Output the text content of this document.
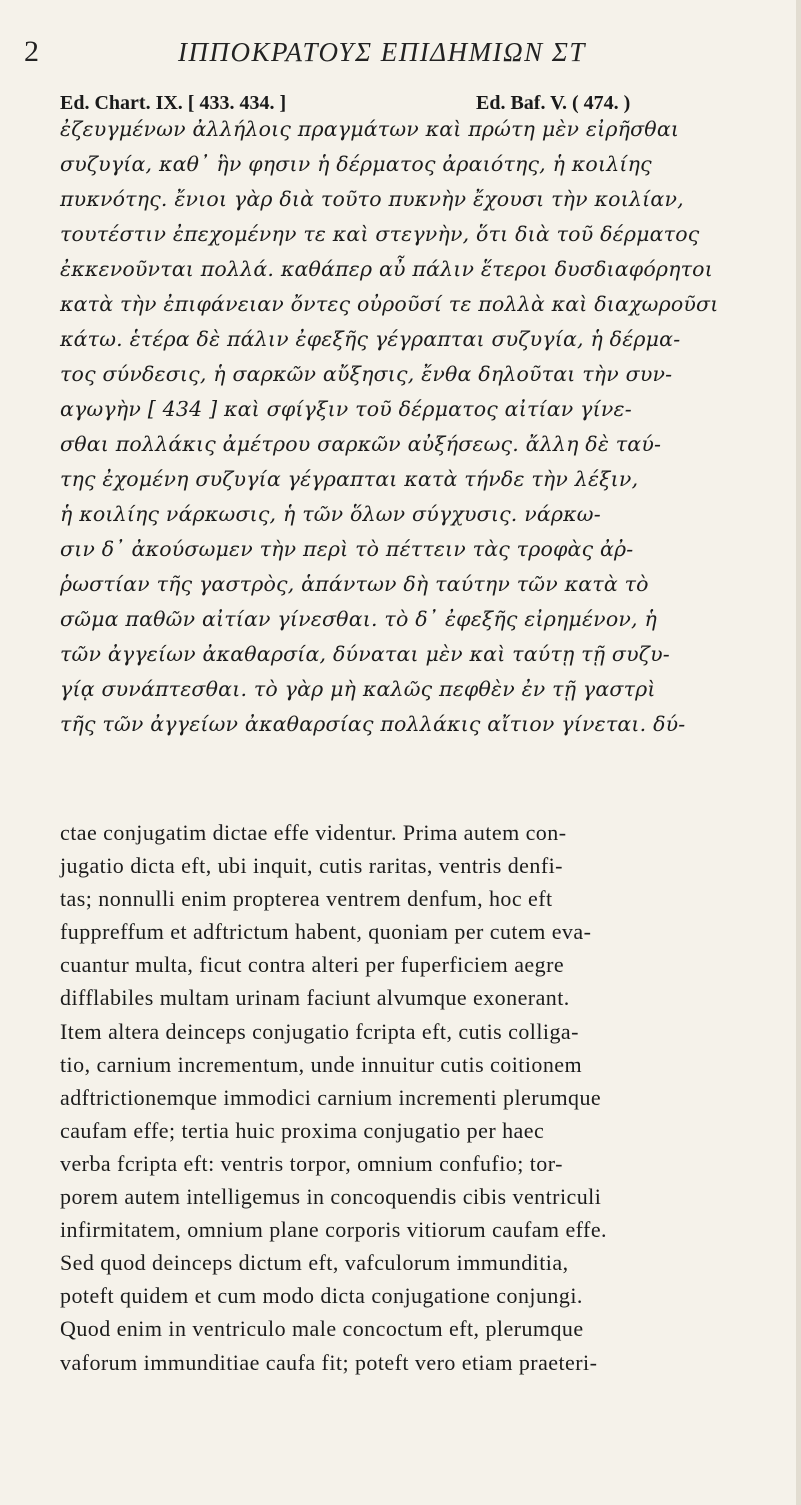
2	ΙΠΠΟΚΡΑΤΟΥΣ ΕΠΙΔΗΜΙΩΝ ΣΤ
Ed. Chart. IX. [ 433. 434. ]	Ed. Baf. V. ( 474. )
ἐζευγμένων ἀλλήλοις πραγμάτων καὶ πρώτη μὲν εἰρῆσθαι
συζυγία, καθ᾽ ἣν φησιν ἡ δέρματος ἀραιότης, ἡ κοιλίης
πυκνότης. ἔνιοι γὰρ διὰ τοῦτο πυκνὴν ἔχουσι τὴν κοιλίαν,
τουτέστιν ἐπεχομένην τε καὶ στεγνὴν, ὅτι διὰ τοῦ δέρματος
ἐκκενοῦνται πολλά. καθάπερ αὖ πάλιν ἕτεροι δυσδιαφόρητοι
κατὰ τὴν ἐπιφάνειαν ὄντες οὐροῦσί τε πολλὰ καὶ διαχωροῦσι
κάτω. ἑτέρα δὲ πάλιν ἐφεξῆς γέγραπται συζυγία, ἡ δέρμα-
τος σύνδεσις, ἡ σαρκῶν αὔξησις, ἔνθα δηλοῦται τὴν συν-
αγωγὴν [ 434 ] καὶ σφίγξιν τοῦ δέρματος αἰτίαν γίνε-
σθαι πολλάκις ἀμέτρου σαρκῶν αὐξήσεως. ἄλλη δὲ ταύ-
της ἐχομένη συζυγία γέγραπται κατὰ τήνδε τὴν λέξιν,
ἡ κοιλίης νάρκωσις, ἡ τῶν ὅλων σύγχυσις. νάρκω-
σιν δ᾽ ἀκούσωμεν τὴν περὶ τὸ πέττειν τὰς τροφὰς ἀῤ-
ῥωστίαν τῆς γαστρὸς, ἁπάντων δὴ ταύτην τῶν κατὰ τὸ
σῶμα παθῶν αἰτίαν γίνεσθαι. τὸ δ᾽ ἐφεξῆς εἰρημένον, ἡ
τῶν ἀγγείων ἀκαθαρσία, δύναται μὲν καὶ ταύτῃ τῇ συζυ-
γίᾳ συνάπτεσθαι. τὸ γὰρ μὴ καλῶς πεφθὲν ἐν τῇ γαστρὶ
τῆς τῶν ἀγγείων ἀκαθαρσίας πολλάκις αἴτιον γίνεται. δύ-
ctae conjugatim dictae effe videntur. Prima autem con-
jugatio dicta eft, ubi inquit, cutis raritas, ventris denfi-
tas; nonnulli enim propterea ventrem denfum, hoc eft
fuppreffum et adftrictum habent, quoniam per cutem eva-
cuantur multa, ficut contra alteri per fuperficiem aegre
difflabiles multam urinam faciunt alvumque exonerant.
Item altera deinceps conjugatio fcripta eft, cutis colliga-
tio, carnium incrementum, unde innuitur cutis coitionem
adftrictionemque immodici carnium incrementi plerumque
caufam effe; tertia huic proxima conjugatio per haec
verba fcripta eft: ventris torpor, omnium confufio; tor-
porem autem intelligemus in concoquendis cibis ventriculi
infirmitatem, omnium plane corporis vitiorum caufam effe.
Sed quod deinceps dictum eft, vafculorum immunditia,
poteft quidem et cum modo dicta conjugatione conjungi.
Quod enim in ventriculo male concoctum eft, plerumque
vaforum immunditiae caufa fit; poteft vero etiam praeteri-
